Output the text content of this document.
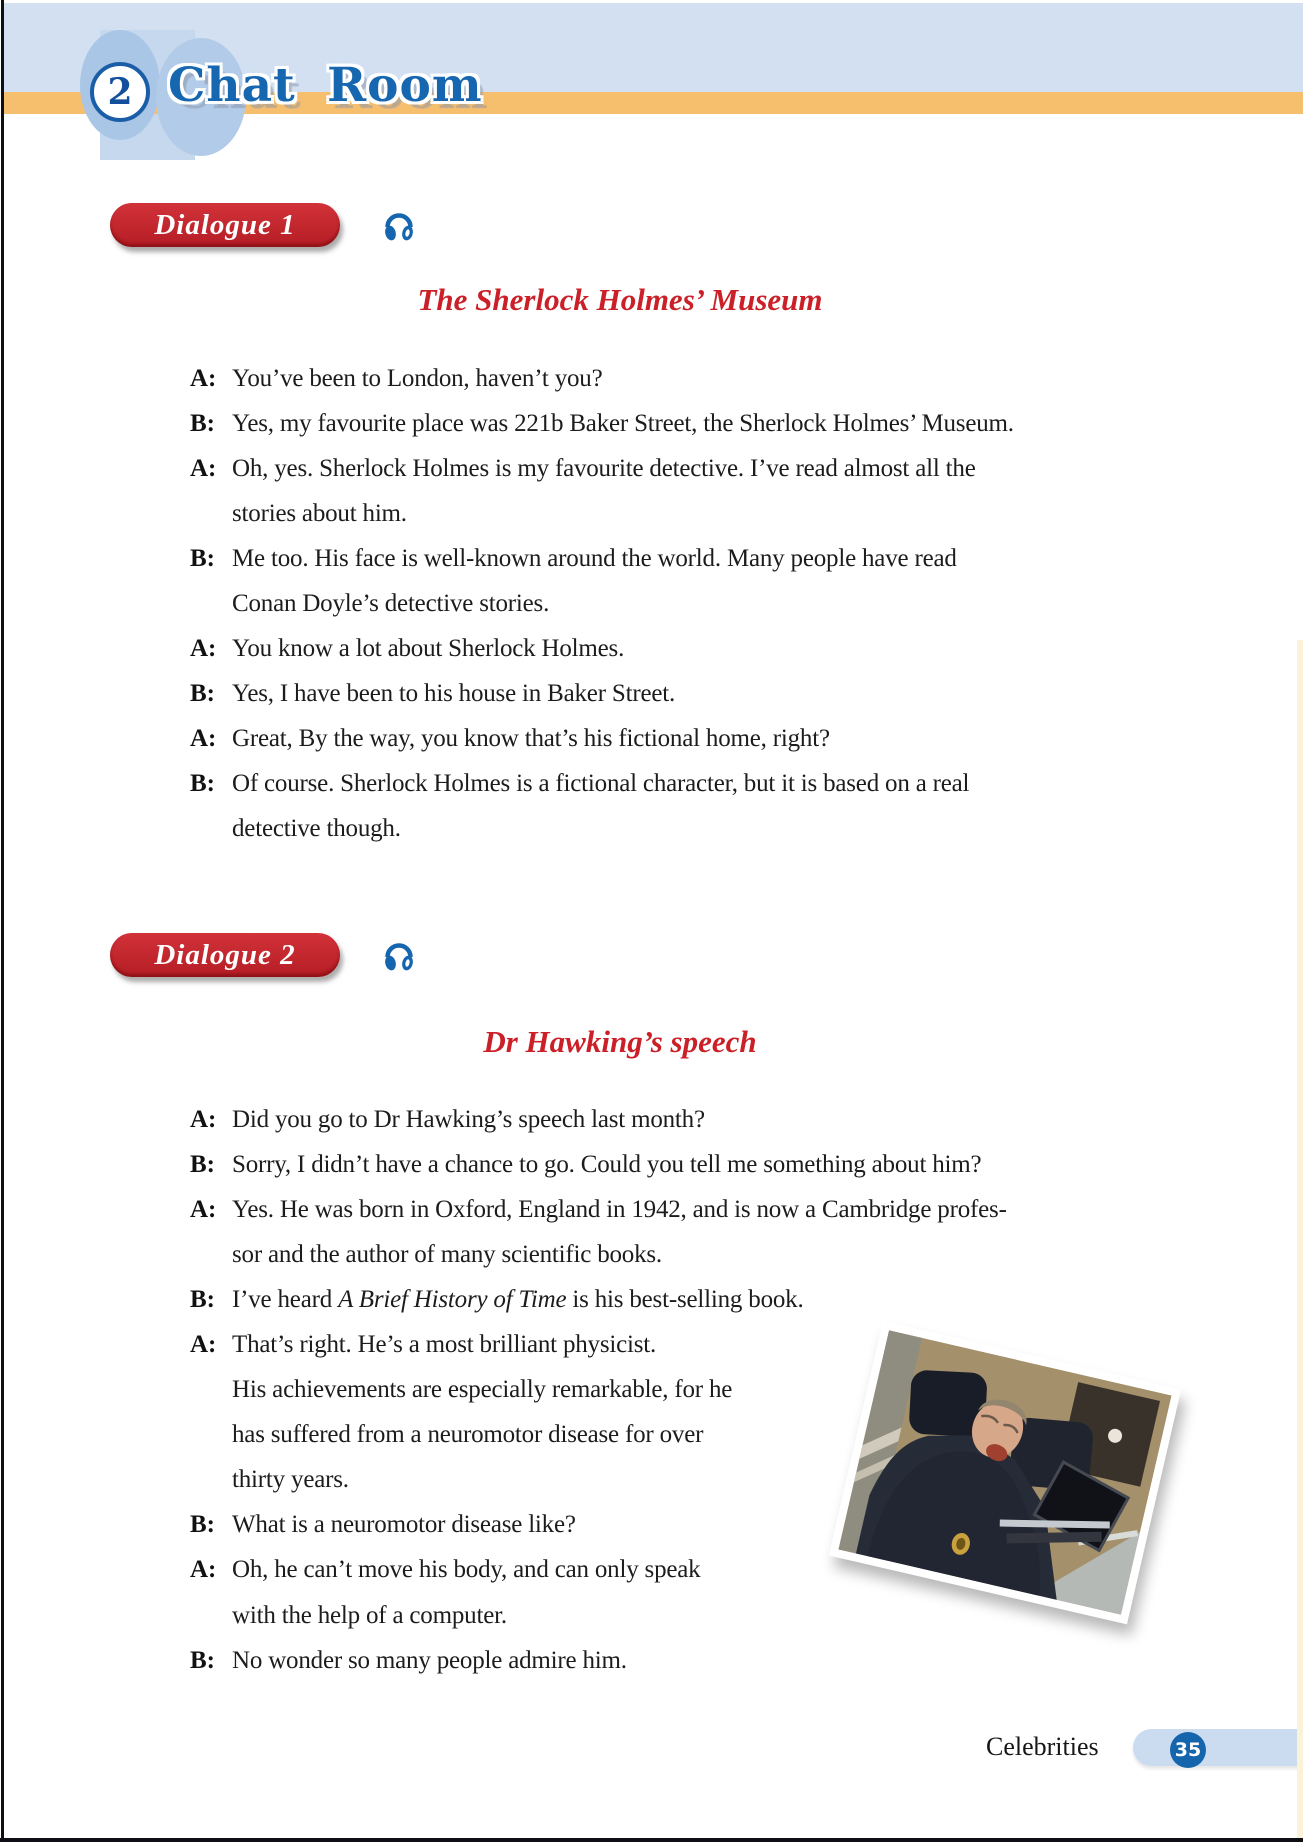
2 Chat Room
Dialogue 1
The Sherlock Holmes’ Museum
A: You’ve been to London, haven’t you?
B: Yes, my favourite place was 221b Baker Street, the Sherlock Holmes’ Museum.
A: Oh, yes. Sherlock Holmes is my favourite detective. I’ve read almost all the
stories about him.
B: Me too. His face is well-known around the world. Many people have read
Conan Doyle’s detective stories.
A: You know a lot about Sherlock Holmes.
B: Yes, I have been to his house in Baker Street.
A: Great, By the way, you know that’s his fictional home, right?
B: Of course. Sherlock Holmes is a fictional character, but it is based on a real
detective though.
Dialogue 2
Dr Hawking’s speech
A: Did you go to Dr Hawking’s speech last month?
B: Sorry, I didn’t have a chance to go. Could you tell me something about him?
A: Yes. He was born in Oxford, England in 1942, and is now a Cambridge profes-
sor and the author of many scientific books.
B: I’ve heard A Brief History of Time is his best-selling book.
A: That’s right. He’s a most brilliant physicist.
His achievements are especially remarkable, for he
has suffered from a neuromotor disease for over
thirty years.
B: What is a neuromotor disease like?
A: Oh, he can’t move his body, and can only speak
with the help of a computer.
B: No wonder so many people admire him.
Celebrities	35
